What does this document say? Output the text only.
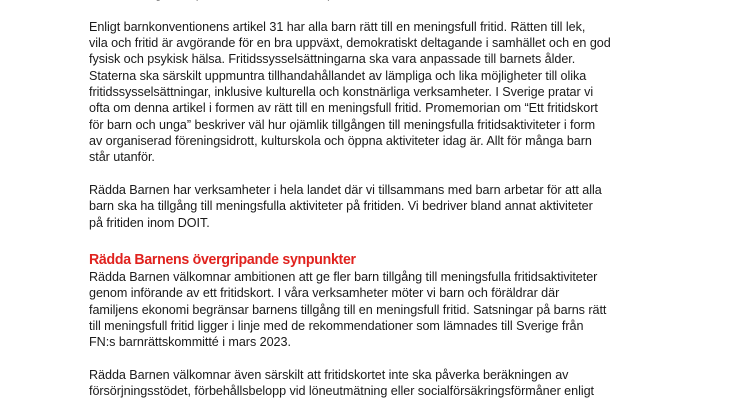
Enligt barnkonventionens artikel 31 har alla barn rätt till en meningsfull fritid. Rätten till lek,
vila och fritid är avgörande för en bra uppväxt, demokratiskt deltagande i samhället och en god
fysisk och psykisk hälsa. Fritidssysselsättningarna ska vara anpassade till barnets ålder.
Staterna ska särskilt uppmuntra tillhandahållandet av lämpliga och lika möjligheter till olika
fritidssysselsättningar, inklusive kulturella och konstnärliga verksamheter. I Sverige pratar vi
ofta om denna artikel i formen av rätt till en meningsfull fritid. Promemorian om “Ett fritidskort
för barn och unga” beskriver väl hur ojämlik tillgången till meningsfulla fritidsaktiviteter i form
av organiserad föreningsidrott, kulturskola och öppna aktiviteter idag är. Allt för många barn
står utanför.

Rädda Barnen har verksamheter i hela landet där vi tillsammans med barn arbetar för att alla
barn ska ha tillgång till meningsfulla aktiviteter på fritiden. Vi bedriver bland annat aktiviteter
på fritiden inom DOIT.

Rädda Barnens övergripande synpunkter

Rädda Barnen välkomnar ambitionen att ge fler barn tillgång till meningsfulla fritidsaktiviteter
genom införande av ett fritidskort. I våra verksamheter möter vi barn och föräldrar där
familjens ekonomi begränsar barnens tillgång till en meningsfull fritid. Satsningar på barns rätt
till meningsfull fritid ligger i linje med de rekommendationer som lämnades till Sverige från
FN:s barnrättskommitté i mars 2023.

Rädda Barnen välkomnar även särskilt att fritidskortet inte ska påverka beräkningen av
försörjningsstödet, förbehållsbelopp vid löneutmätning eller socialförsäkringsförmåner enligt
